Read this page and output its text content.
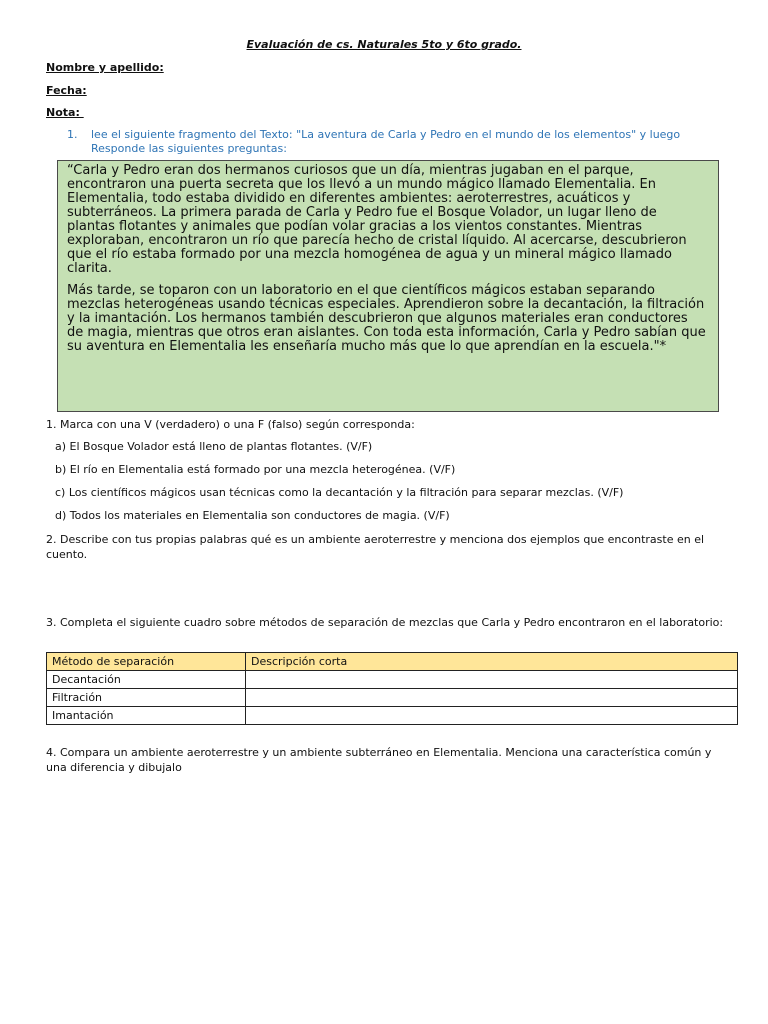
Evaluación de cs. Naturales 5to y 6to grado.
Nombre y apellido:
Fecha:
Nota:
1. lee el siguiente fragmento del Texto: "La aventura de Carla y Pedro en el mundo de los elementos" y luego Responde las siguientes preguntas:

“Carla y Pedro eran dos hermanos curiosos que un día, mientras jugaban en el parque, encontraron una puerta secreta que los llevó a un mundo mágico llamado Elementalia. En Elementalia, todo estaba dividido en diferentes ambientes: aeroterrestres, acuáticos y subterráneos. La primera parada de Carla y Pedro fue el Bosque Volador, un lugar lleno de plantas flotantes y animales que podían volar gracias a los vientos constantes. Mientras exploraban, encontraron un río que parecía hecho de cristal líquido. Al acercarse, descubrieron que el río estaba formado por una mezcla homogénea de agua y un mineral mágico llamado clarita.

Más tarde, se toparon con un laboratorio en el que científicos mágicos estaban separando mezclas heterogéneas usando técnicas especiales. Aprendieron sobre la decantación, la filtración y la imantación. Los hermanos también descubrieron que algunos materiales eran conductores de magia, mientras que otros eran aislantes. Con toda esta información, Carla y Pedro sabían que su aventura en Elementalia les enseñaría mucho más que lo que aprendían en la escuela."*

1. Marca con una V (verdadero) o una F (falso) según corresponda:
a) El Bosque Volador está lleno de plantas flotantes. (V/F)
b) El río en Elementalia está formado por una mezcla heterogénea. (V/F)
c) Los científicos mágicos usan técnicas como la decantación y la filtración para separar mezclas. (V/F)
d) Todos los materiales en Elementalia son conductores de magia. (V/F)
2. Describe con tus propias palabras qué es un ambiente aeroterrestre y menciona dos ejemplos que encontraste en el cuento.
3. Completa el siguiente cuadro sobre métodos de separación de mezclas que Carla y Pedro encontraron en el laboratorio:
Método de separación	Descripción corta
Decantación	
Filtración	
Imantación	
4. Compara un ambiente aeroterrestre y un ambiente subterráneo en Elementalia. Menciona una característica común y una diferencia y dibujalo
